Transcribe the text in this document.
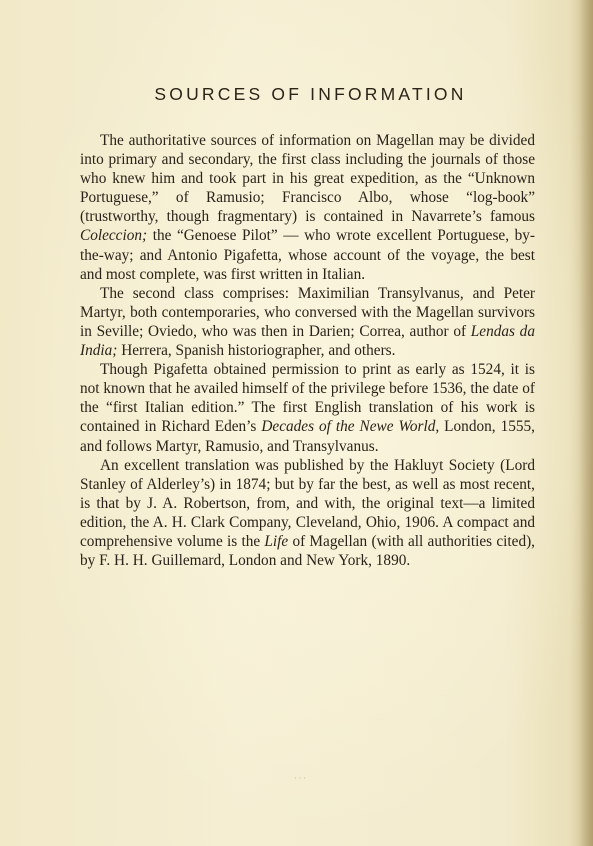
SOURCES OF INFORMATION

The authoritative sources of information on Magellan may be divided into primary and secondary, the first class including the journals of those who knew him and took part in his great expedition, as the “Unknown Portuguese,” of Ramusio; Francisco Albo, whose “log-book” (trustworthy, though fragmentary) is contained in Navarrete’s famous Coleccion; the “Genoese Pilot” — who wrote excellent Portuguese, by-the-way; and Antonio Pigafetta, whose account of the voyage, the best and most complete, was first written in Italian.

The second class comprises: Maximilian Transylvanus, and Peter Martyr, both contemporaries, who conversed with the Magellan survivors in Seville; Oviedo, who was then in Darien; Correa, author of Lendas da India; Herrera, Spanish historiographer, and others.

Though Pigafetta obtained permission to print as early as 1524, it is not known that he availed himself of the privilege before 1536, the date of the “first Italian edition.” The first English translation of his work is contained in Richard Eden’s Decades of the Newe World, London, 1555, and follows Martyr, Ramusio, and Transylvanus.

An excellent translation was published by the Hakluyt Society (Lord Stanley of Alderley’s) in 1874; but by far the best, as well as most recent, is that by J. A. Robertson, from, and with, the original text—a limited edition, the A. H. Clark Company, Cleveland, Ohio, 1906. A compact and comprehensive volume is the Life of Magellan (with all authorities cited), by F. H. H. Guillemard, London and New York, 1890.

· · ·
